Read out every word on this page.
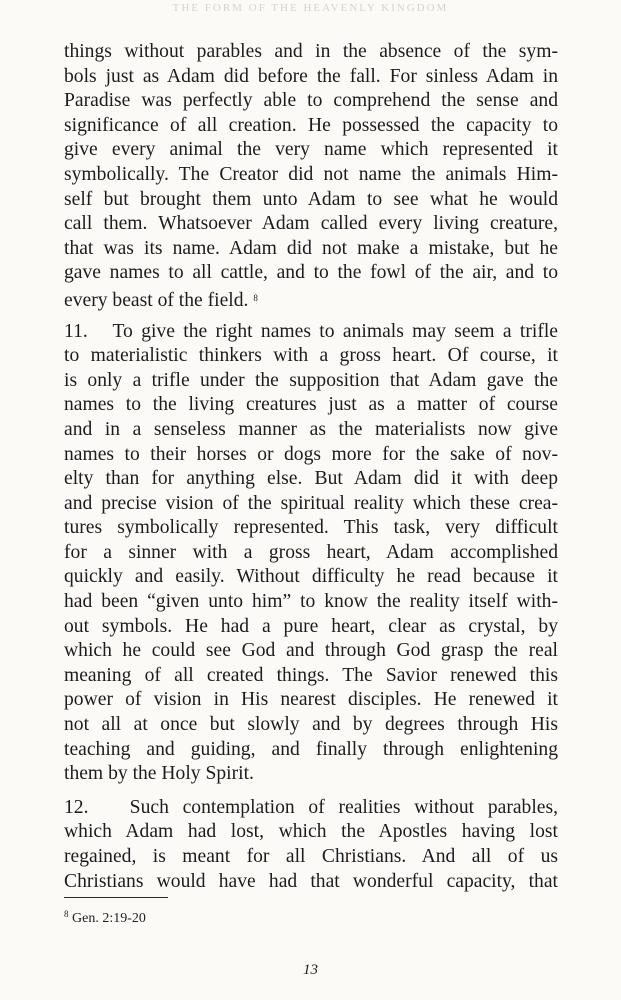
THE FORM OF THE HEAVENLY KINGDOM
things without parables and in the absence of the sym-
bols just as Adam did before the fall. For sinless Adam in
Paradise was perfectly able to comprehend the sense and
significance of all creation. He possessed the capacity to
give every animal the very name which represented it
symbolically. The Creator did not name the animals Him-
self but brought them unto Adam to see what he would
call them. Whatsoever Adam called every living creature,
that was its name. Adam did not make a mistake, but he
gave names to all cattle, and to the fowl of the air, and to
every beast of the field. $^8$
11.   To give the right names to animals may seem a trifle
to materialistic thinkers with a gross heart. Of course, it
is only a trifle under the supposition that Adam gave the
names to the living creatures just as a matter of course
and in a senseless manner as the materialists now give
names to their horses or dogs more for the sake of nov-
elty than for anything else. But Adam did it with deep
and precise vision of the spiritual reality which these crea-
tures symbolically represented. This task, very difficult
for a sinner with a gross heart, Adam accomplished
quickly and easily. Without difficulty he read because it
had been “given unto him” to know the reality itself with-
out symbols. He had a pure heart, clear as crystal, by
which he could see God and through God grasp the real
meaning of all created things. The Savior renewed this
power of vision in His nearest disciples. He renewed it
not all at once but slowly and by degrees through His
teaching and guiding, and finally through enlightening
them by the Holy Spirit.
12.   Such contemplation of realities without parables,
which Adam had lost, which the Apostles having lost
regained, is meant for all Christians. And all of us
Christians would have had that wonderful capacity, that
$^8$ Gen. 2:19-20
13
